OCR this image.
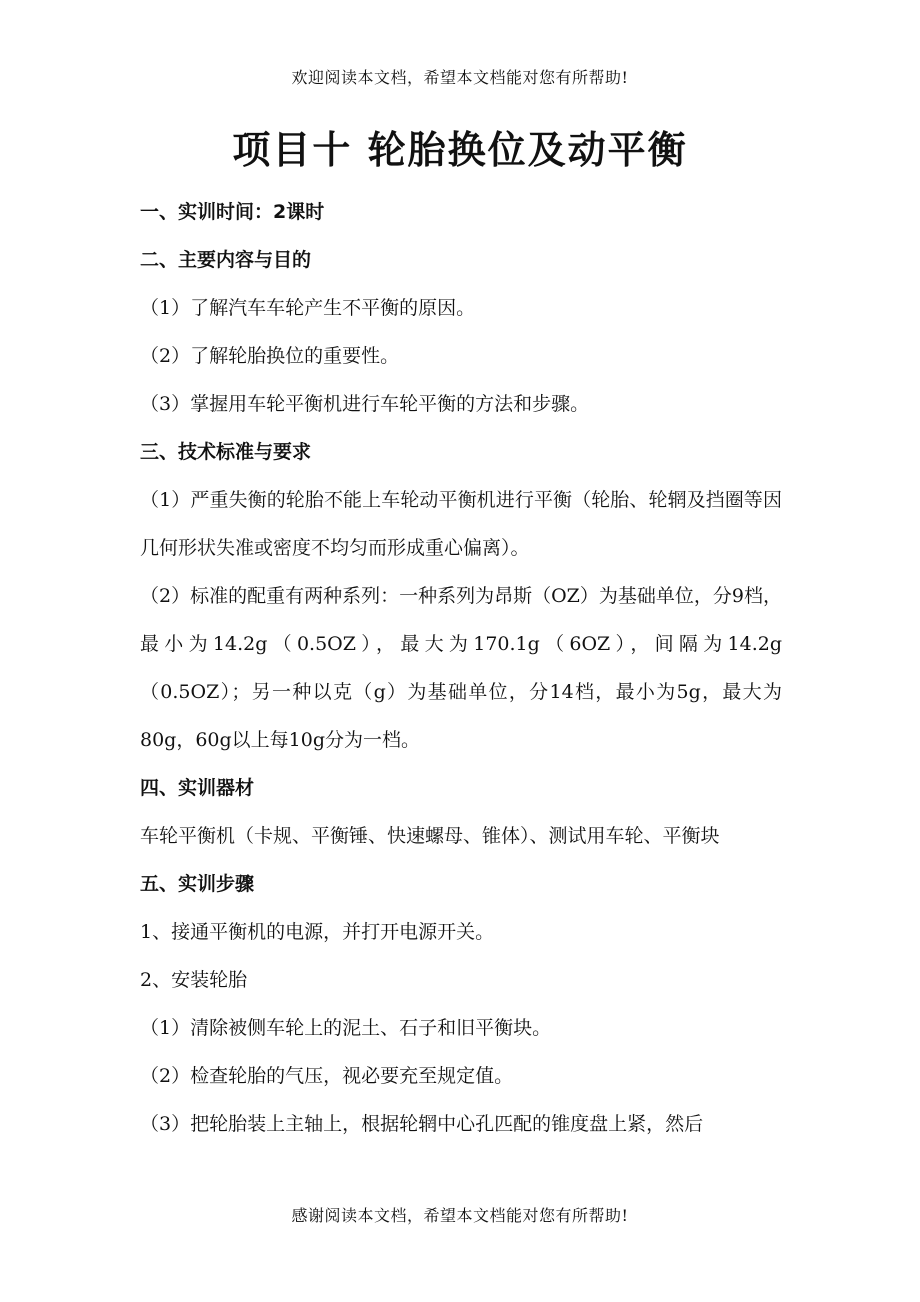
欢迎阅读本文档，希望本文档能对您有所帮助!
项目十 轮胎换位及动平衡

一、实训时间：2课时

二、主要内容与目的

（1）了解汽车车轮产生不平衡的原因。

（2）了解轮胎换位的重要性。

（3）掌握用车轮平衡机进行车轮平衡的方法和步骤。

三、技术标准与要求

（1）严重失衡的轮胎不能上车轮动平衡机进行平衡（轮胎、轮辋及挡圈等因几何形状失准或密度不均匀而形成重心偏离）。

（2）标准的配重有两种系列：一种系列为昂斯（OZ）为基础单位，分9档，最小为14.2g（0.5OZ），最大为170.1g（6OZ），间隔为14.2g（0.5OZ）；另一种以克（g）为基础单位，分14档，最小为5g，最大为80g，60g以上每10g分为一档。

四、实训器材

车轮平衡机（卡规、平衡锤、快速螺母、锥体）、测试用车轮、平衡块

五、实训步骤

1、接通平衡机的电源，并打开电源开关。

2、安装轮胎

（1）清除被侧车轮上的泥土、石子和旧平衡块。

（2）检查轮胎的气压，视必要充至规定值。

（3）把轮胎装上主轴上，根据轮辋中心孔匹配的锥度盘上紧，然后

感谢阅读本文档，希望本文档能对您有所帮助!
